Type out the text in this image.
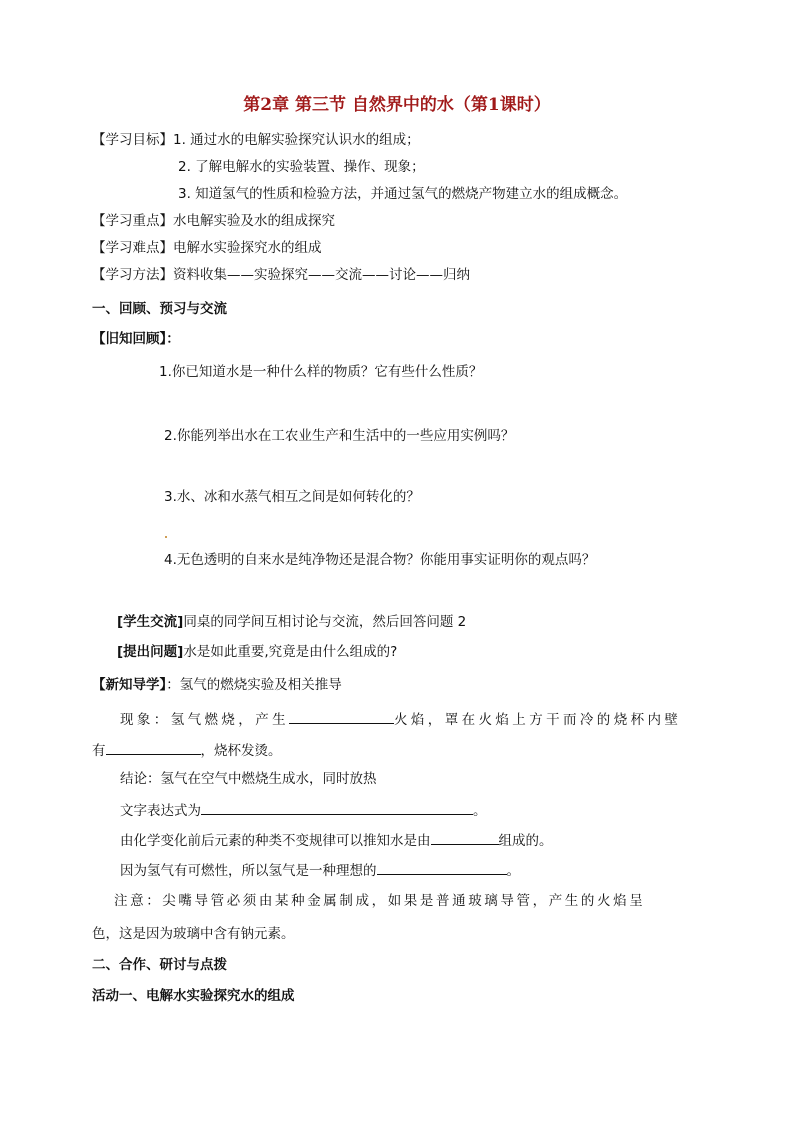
第2章 第三节 自然界中的水（第1课时）
【学习目标】1. 通过水的电解实验探究认识水的组成；
2. 了解电解水的实验装置、操作、现象；
3. 知道氢气的性质和检验方法，并通过氢气的燃烧产物建立水的组成概念。
【学习重点】水电解实验及水的组成探究
【学习难点】电解水实验探究水的组成
【学习方法】资料收集——实验探究——交流——讨论——归纳
一、回顾、预习与交流
【旧知回顾】：
1.你已知道水是一种什么样的物质？它有些什么性质？
2.你能列举出水在工农业生产和生活中的一些应用实例吗？
3.水、冰和水蒸气相互之间是如何转化的？
4.无色透明的自来水是纯净物还是混合物？你能用事实证明你的观点吗？
[学生交流]同桌的同学间互相讨论与交流，然后回答问题 2
[提出问题]水是如此重要,究竟是由什么组成的?
【新知导学】：氢气的燃烧实验及相关推导
现象：氢气燃烧，产生	火焰，罩在火焰上方干而冷的烧杯内壁
有	，烧杯发烫。
结论：氢气在空气中燃烧生成水，同时放热
文字表达式为	。
由化学变化前后元素的种类不变规律可以推知水是由	组成的。
因为氢气有可燃性，所以氢气是一种理想的	。
注意：尖嘴导管必须由某种金属制成，如果是普通玻璃导管，产生的火焰呈
色，这是因为玻璃中含有钠元素。
二、合作、研讨与点拨
活动一、电解水实验探究水的组成
